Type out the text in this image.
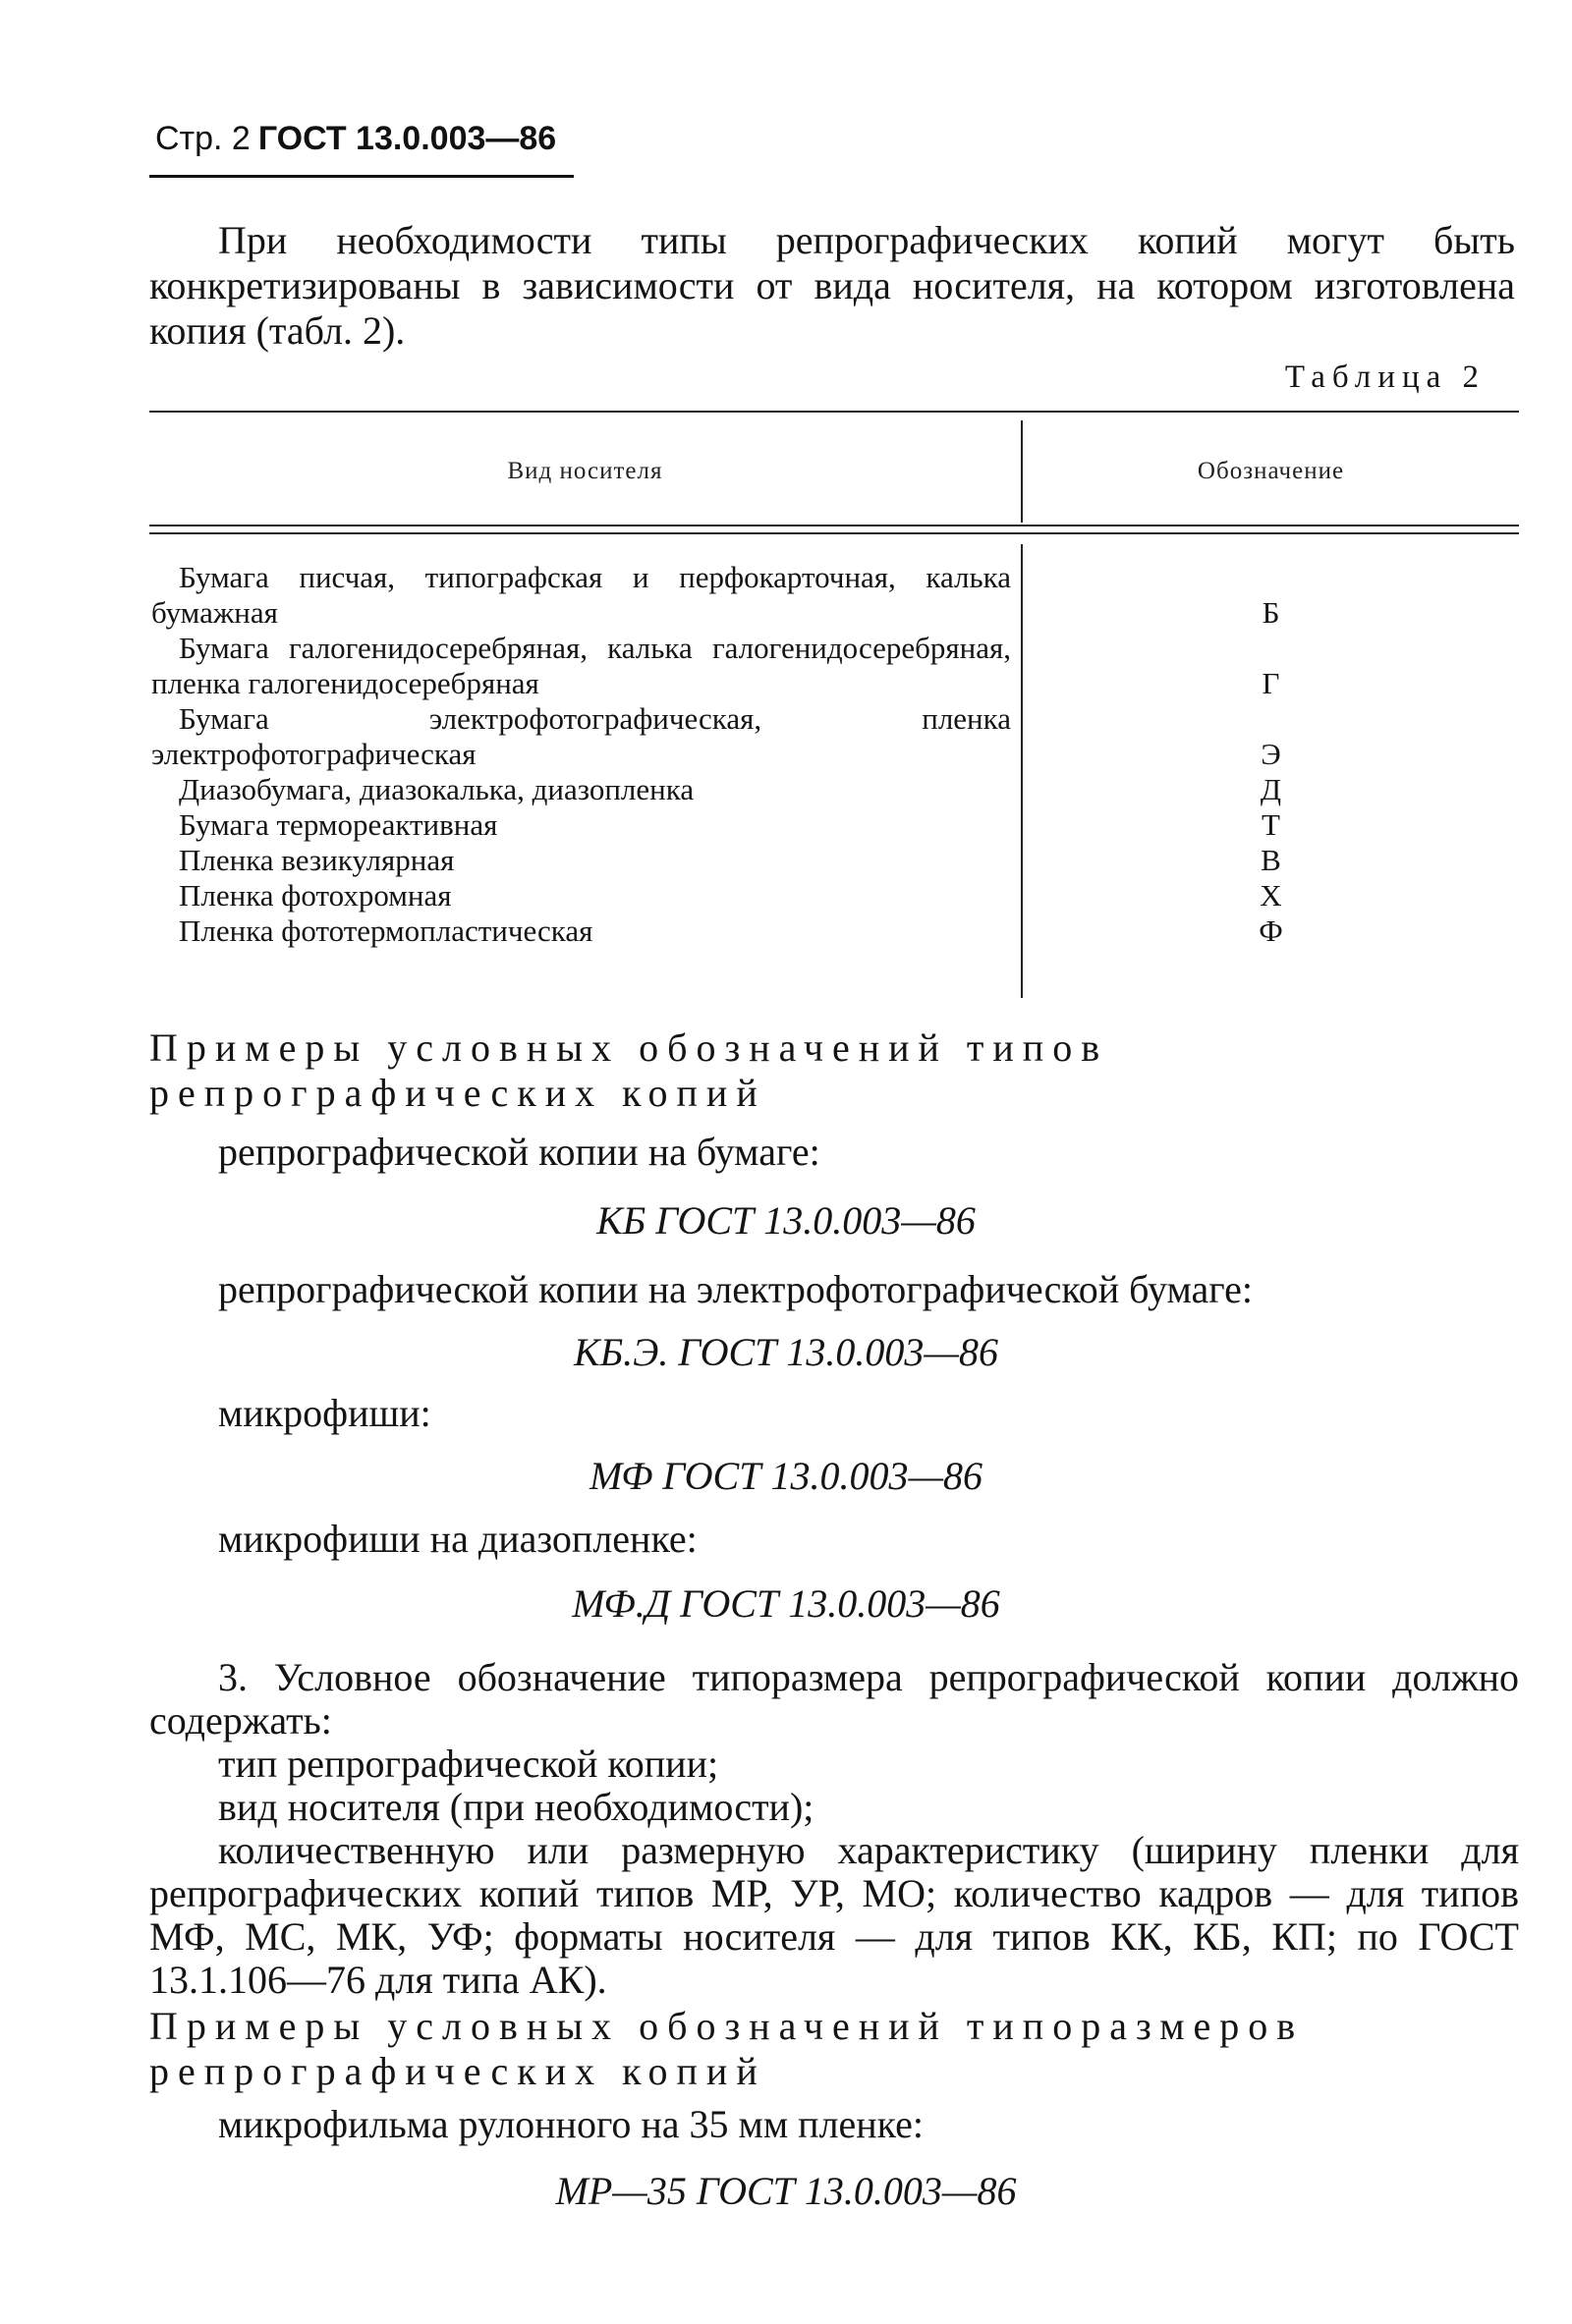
Стр. 2 ГОСТ 13.0.003—86
При необходимости типы репрографических копий могут быть конкретизированы в зависимости от вида носителя, на котором изготовлена копия (табл. 2).
Таблица 2
Вид носителя	Обозначение
Бумага писчая, типографская и перфокарточная, калька бумажная
Бумага галогенидосеребряная, калька галогенидосеребряная, пленка галогенидосеребряная
Бумага электрофотографическая, пленка электрофотографическая
Диазобумага, диазокалька, диазопленка
Бумага термореактивная
Пленка везикулярная
Пленка фотохромная
Пленка фототермопластическая
Б
Г
Э
Д
Т
В
Х
Ф
Примеры условных обозначений типов репрографических копий
репрографической копии на бумаге:
КБ ГОСТ 13.0.003—86
репрографической копии на электрофотографической бумаге:
КБ.Э. ГОСТ 13.0.003—86
микрофиши:
МФ ГОСТ 13.0.003—86
микрофиши на диазопленке:
МФ.Д ГОСТ 13.0.003—86
3. Условное обозначение типоразмера репрографической копии должно содержать:
тип репрографической копии;
вид носителя (при необходимости);
количественную или размерную характеристику (ширину пленки для репрографических копий типов МР, УР, МО; количество кадров — для типов МФ, МС, МК, УФ; форматы носителя — для типов КК, КБ, КП; по ГОСТ 13.1.106—76 для типа АК).
Примеры условных обозначений типоразмеров репрографических копий
микрофильма рулонного на 35 мм пленке:
МР—35 ГОСТ 13.0.003—86
